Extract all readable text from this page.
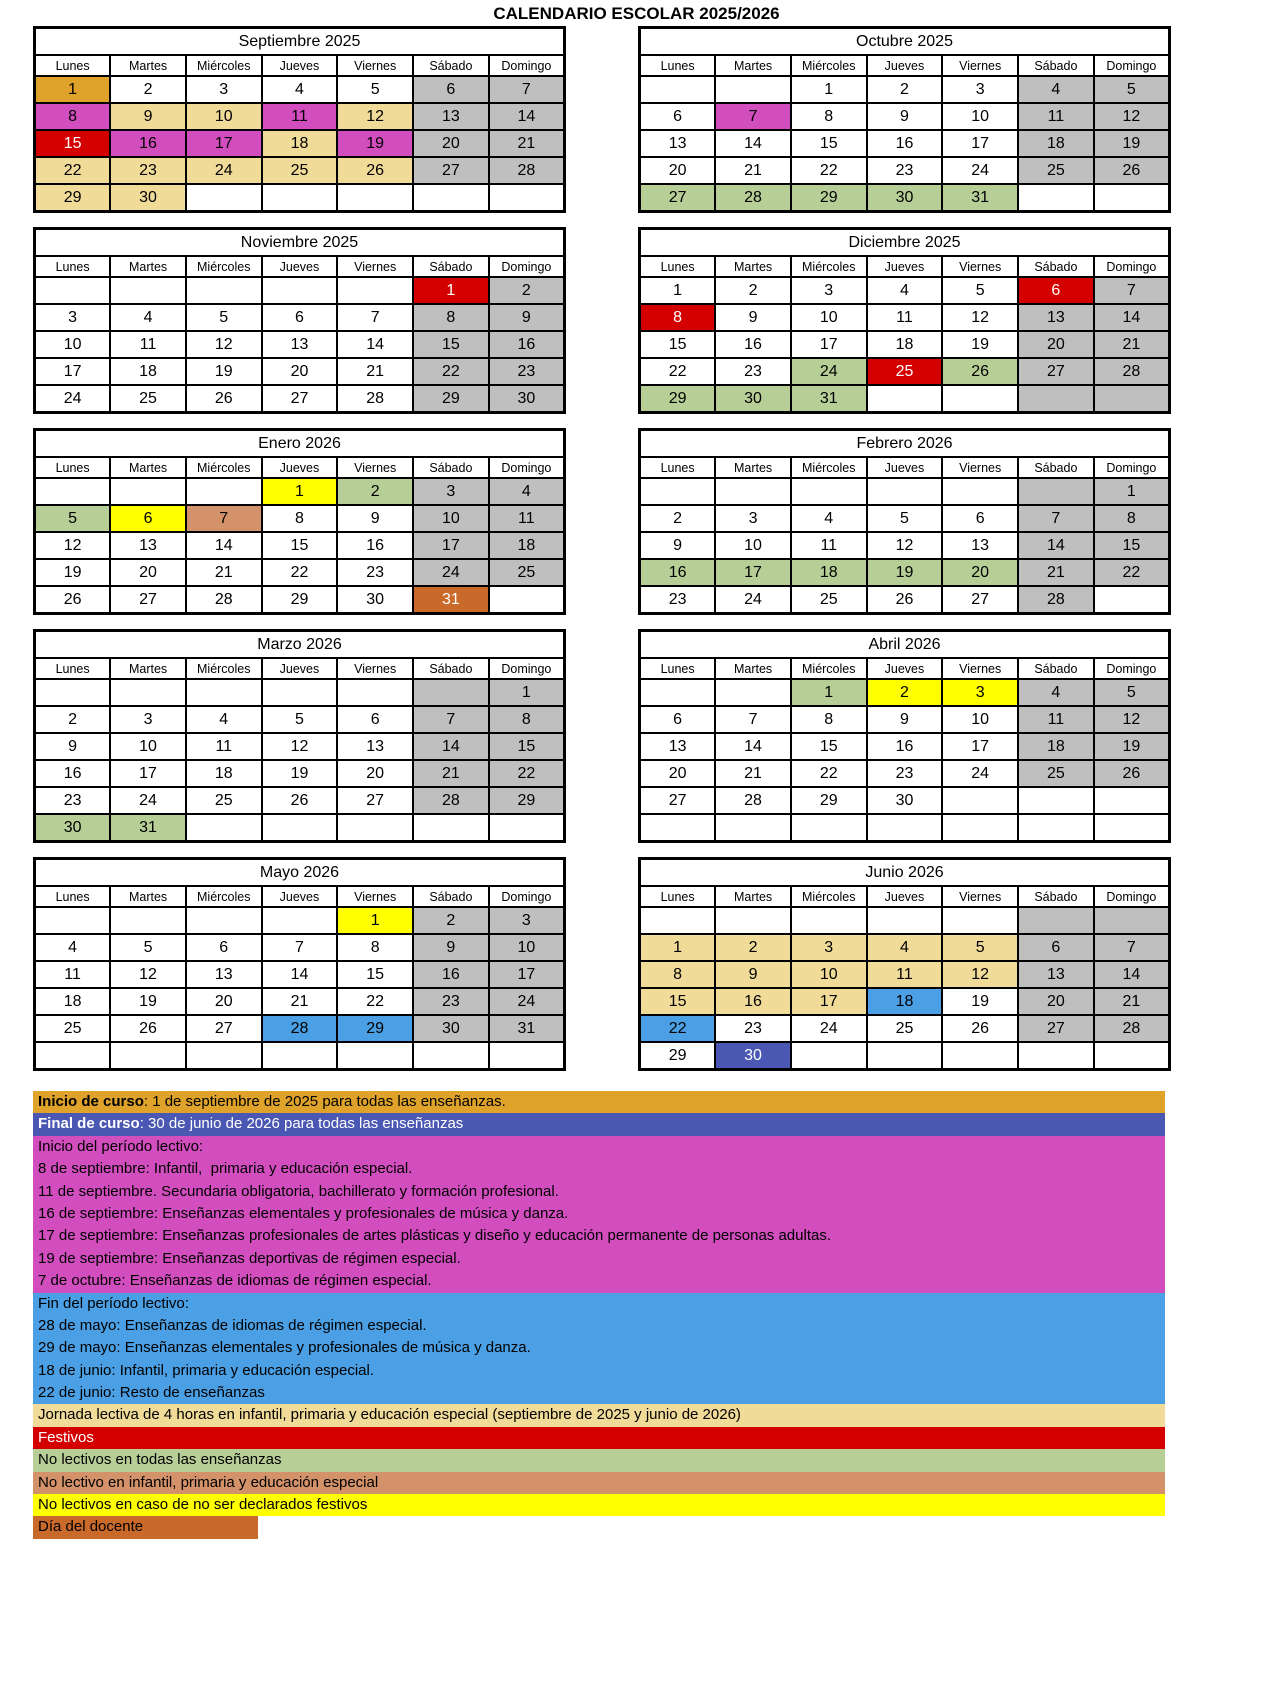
CALENDARIO ESCOLAR 2025/2026
Septiembre 2025						
Lunes	Martes	Miércoles	Jueves	Viernes	Sábado	Domingo
1	2	3	4	5	6	7
8	9	10	11	12	13	14
15	16	17	18	19	20	21
22	23	24	25	26	27	28
29	30					
Octubre 2025						
Lunes	Martes	Miércoles	Jueves	Viernes	Sábado	Domingo
		1	2	3	4	5
6	7	8	9	10	11	12
13	14	15	16	17	18	19
20	21	22	23	24	25	26
27	28	29	30	31		
Noviembre 2025						
Lunes	Martes	Miércoles	Jueves	Viernes	Sábado	Domingo
					1	2
3	4	5	6	7	8	9
10	11	12	13	14	15	16
17	18	19	20	21	22	23
24	25	26	27	28	29	30
Diciembre 2025						
Lunes	Martes	Miércoles	Jueves	Viernes	Sábado	Domingo
1	2	3	4	5	6	7
8	9	10	11	12	13	14
15	16	17	18	19	20	21
22	23	24	25	26	27	28
29	30	31				
Enero 2026						
Lunes	Martes	Miércoles	Jueves	Viernes	Sábado	Domingo
			1	2	3	4
5	6	7	8	9	10	11
12	13	14	15	16	17	18
19	20	21	22	23	24	25
26	27	28	29	30	31	
Febrero 2026						
Lunes	Martes	Miércoles	Jueves	Viernes	Sábado	Domingo
						1
2	3	4	5	6	7	8
9	10	11	12	13	14	15
16	17	18	19	20	21	22
23	24	25	26	27	28	
Marzo 2026						
Lunes	Martes	Miércoles	Jueves	Viernes	Sábado	Domingo
						1
2	3	4	5	6	7	8
9	10	11	12	13	14	15
16	17	18	19	20	21	22
23	24	25	26	27	28	29
30	31					
Abril 2026						
Lunes	Martes	Miércoles	Jueves	Viernes	Sábado	Domingo
		1	2	3	4	5
6	7	8	9	10	11	12
13	14	15	16	17	18	19
20	21	22	23	24	25	26
27	28	29	30			

Mayo 2026						
Lunes	Martes	Miércoles	Jueves	Viernes	Sábado	Domingo
				1	2	3
4	5	6	7	8	9	10
11	12	13	14	15	16	17
18	19	20	21	22	23	24
25	26	27	28	29	30	31

Junio 2026						
Lunes	Martes	Miércoles	Jueves	Viernes	Sábado	Domingo

1	2	3	4	5	6	7
8	9	10	11	12	13	14
15	16	17	18	19	20	21
22	23	24	25	26	27	28
29	30					
Inicio de curso: 1 de septiembre de 2025 para todas las enseñanzas.
Final de curso: 30 de junio de 2026 para todas las enseñanzas
Inicio del período lectivo:
8 de septiembre: Infantil,  primaria y educación especial.
11 de septiembre. Secundaria obligatoria, bachillerato y formación profesional.
16 de septiembre: Enseñanzas elementales y profesionales de música y danza.
17 de septiembre: Enseñanzas profesionales de artes plásticas y diseño y educación permanente de personas adultas.
19 de septiembre: Enseñanzas deportivas de régimen especial.
7 de octubre: Enseñanzas de idiomas de régimen especial.
Fin del período lectivo:
28 de mayo: Enseñanzas de idiomas de régimen especial.
29 de mayo: Enseñanzas elementales y profesionales de música y danza.
18 de junio: Infantil, primaria y educación especial.
22 de junio: Resto de enseñanzas
Jornada lectiva de 4 horas en infantil, primaria y educación especial (septiembre de 2025 y junio de 2026)
Festivos
No lectivos en todas las enseñanzas
No lectivo en infantil, primaria y educación especial
No lectivos en caso de no ser declarados festivos
Día del docente
